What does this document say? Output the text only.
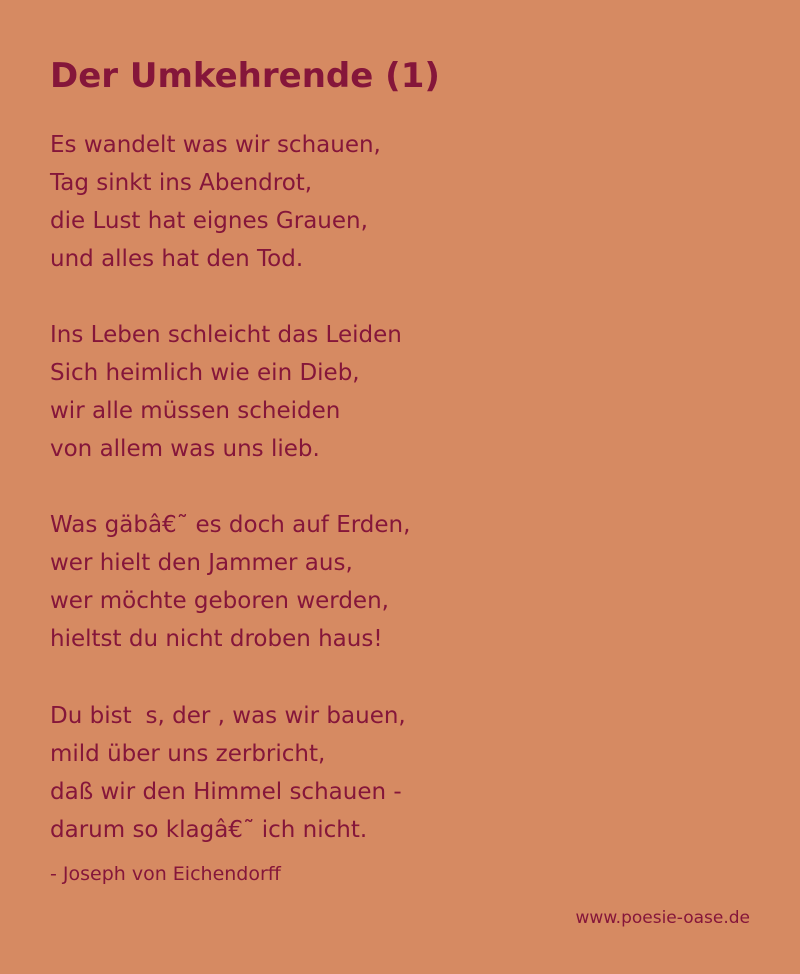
Der Umkehrende (1)
Es wandelt was wir schauen,
Tag sinkt ins Abendrot,
die Lust hat eignes Grauen,
und alles hat den Tod.
Ins Leben schleicht das Leiden
Sich heimlich wie ein Dieb,
wir alle müssen scheiden
von allem was uns lieb.
Was gäbâ€˜ es doch auf Erden,
wer hielt den Jammer aus,
wer möchte geboren werden,
hieltst du nicht droben haus!
Du bists, der , was wir bauen,
mild über uns zerbricht,
daß wir den Himmel schauen -
darum so klagâ€˜ ich nicht.
- Joseph von Eichendorff
www.poesie-oase.de
